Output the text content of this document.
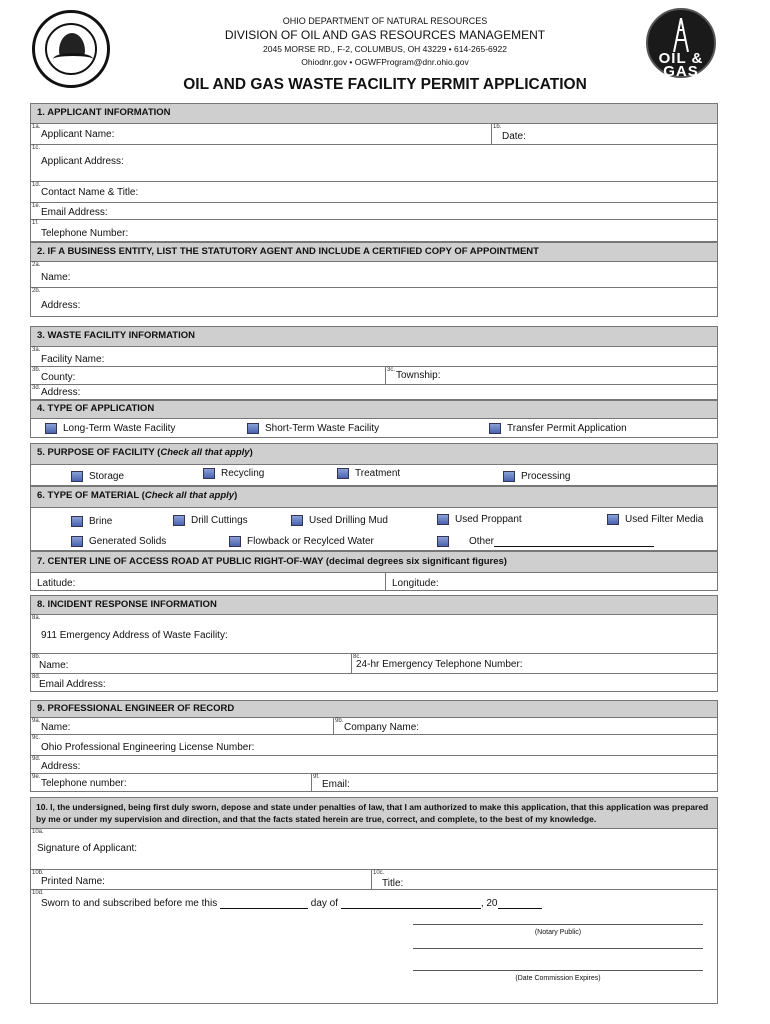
OIL & GAS
OHIO DEPARTMENT OF NATURAL RESOURCES
DIVISION OF OIL AND GAS RESOURCES MANAGEMENT
2045 MORSE RD., F-2, COLUMBUS, OH 43229 • 614-265-6922
Ohiodnr.gov • OGWFProgram@dnr.ohio.gov
OIL AND GAS WASTE FACILITY PERMIT APPLICATION
1. APPLICANT INFORMATION
1a.
Applicant Name:
1b.
Date:
1c.
Applicant Address:
1d.
Contact Name & Title:
1e.
Email Address:
1f.
Telephone Number:
2. IF A BUSINESS ENTITY, LIST THE STATUTORY AGENT AND INCLUDE A CERTIFIED COPY OF APPOINTMENT
2a.
Name:
2b.
Address:
3. WASTE FACILITY INFORMATION
3a.
Facility Name:
3b.
County:
3c. Township:
3d. Address:
4. TYPE OF APPLICATION
Long-Term Waste Facility	Short-Term Waste Facility	Transfer Permit Application
5. PURPOSE OF FACILITY (Check all that apply)
Storage	Recycling	Treatment	Processing
6. TYPE OF MATERIAL (Check all that apply)
Brine	Drill Cuttings	Used Drilling Mud	Used Proppant	Used Filter Media
Generated Solids	Flowback or Recylced Water	Other
7. CENTER LINE OF ACCESS ROAD AT PUBLIC RIGHT-OF-WAY (decimal degrees six significant figures)
Latitude:	Longitude:
8. INCIDENT RESPONSE INFORMATION
8a.
911 Emergency Address of Waste Facility:
8b.
Name:
8c.
24-hr Emergency Telephone Number:
8d.
Email Address:
9. PROFESSIONAL ENGINEER OF RECORD
9a.
Name:
9b.
Company Name:
9c.
Ohio Professional Engineering License Number:
9d.
Address:
9e.
Telephone number:
9f.
Email:
10. I, the undersigned, being first duly sworn, depose and state under penalties of law, that I am authorized to make this application, that this application was prepared by me or under my supervision and direction, and that the facts stated herein are true, correct, and complete, to the best of my knowledge.
10a.
Signature of Applicant:
10b.
Printed Name:
10c.
Title:
10d.
Sworn to and subscribed before me this	day of	, 20
(Notary Public)
(Date Commission Expires)
